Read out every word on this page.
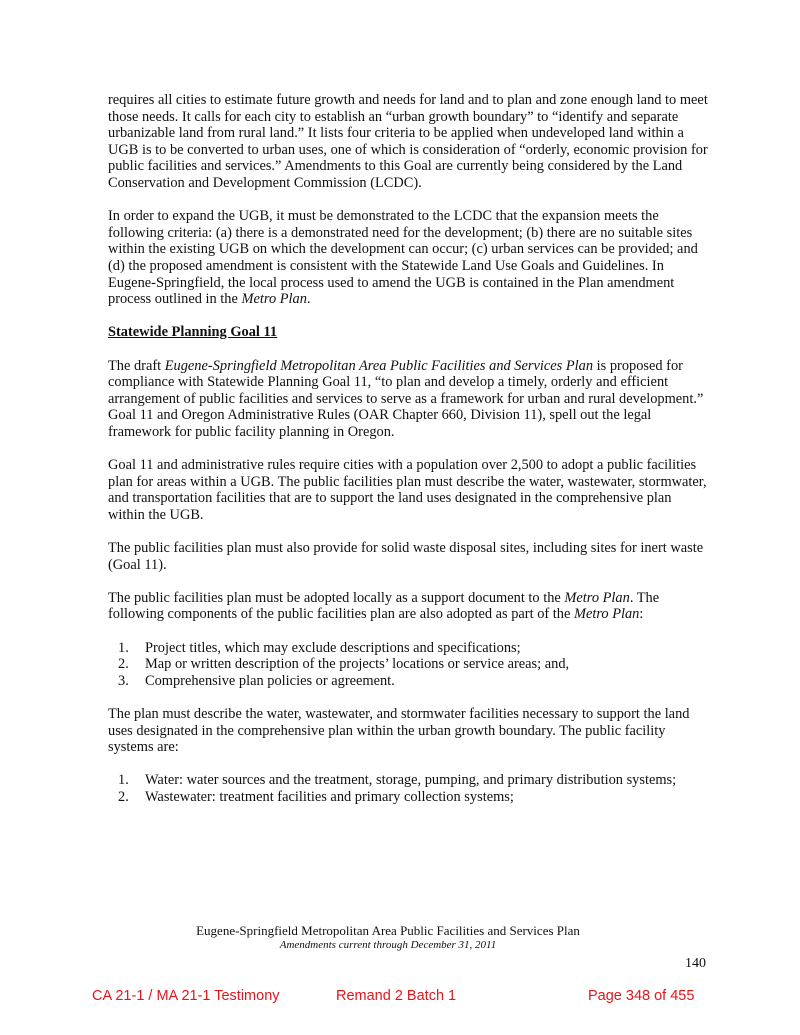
requires all cities to estimate future growth and needs for land and to plan and zone enough land to meet those needs. It calls for each city to establish an “urban growth boundary” to “identify and separate urbanizable land from rural land.” It lists four criteria to be applied when undeveloped land within a UGB is to be converted to urban uses, one of which is consideration of “orderly, economic provision for public facilities and services.” Amendments to this Goal are currently being considered by the Land Conservation and Development Commission (LCDC).

In order to expand the UGB, it must be demonstrated to the LCDC that the expansion meets the following criteria: (a) there is a demonstrated need for the development; (b) there are no suitable sites within the existing UGB on which the development can occur; (c) urban services can be provided; and (d) the proposed amendment is consistent with the Statewide Land Use Goals and Guidelines. In Eugene-Springfield, the local process used to amend the UGB is contained in the Plan amendment process outlined in the Metro Plan.

Statewide Planning Goal 11

The draft Eugene-Springfield Metropolitan Area Public Facilities and Services Plan is proposed for compliance with Statewide Planning Goal 11, “to plan and develop a timely, orderly and efficient arrangement of public facilities and services to serve as a framework for urban and rural development.” Goal 11 and Oregon Administrative Rules (OAR Chapter 660, Division 11), spell out the legal framework for public facility planning in Oregon.

Goal 11 and administrative rules require cities with a population over 2,500 to adopt a public facilities plan for areas within a UGB. The public facilities plan must describe the water, wastewater, stormwater, and transportation facilities that are to support the land uses designated in the comprehensive plan within the UGB.

The public facilities plan must also provide for solid waste disposal sites, including sites for inert waste (Goal 11).

The public facilities plan must be adopted locally as a support document to the Metro Plan. The following components of the public facilities plan are also adopted as part of the Metro Plan:

1. Project titles, which may exclude descriptions and specifications;
2. Map or written description of the projects’ locations or service areas; and,
3. Comprehensive plan policies or agreement.

The plan must describe the water, wastewater, and stormwater facilities necessary to support the land uses designated in the comprehensive plan within the urban growth boundary. The public facility systems are:

1. Water: water sources and the treatment, storage, pumping, and primary distribution systems;
2. Wastewater: treatment facilities and primary collection systems;
Eugene-Springfield Metropolitan Area Public Facilities and Services Plan
Amendments current through December 31, 2011
140
CA 21-1 / MA 21-1 Testimony	Remand 2 Batch 1	Page 348 of 455
